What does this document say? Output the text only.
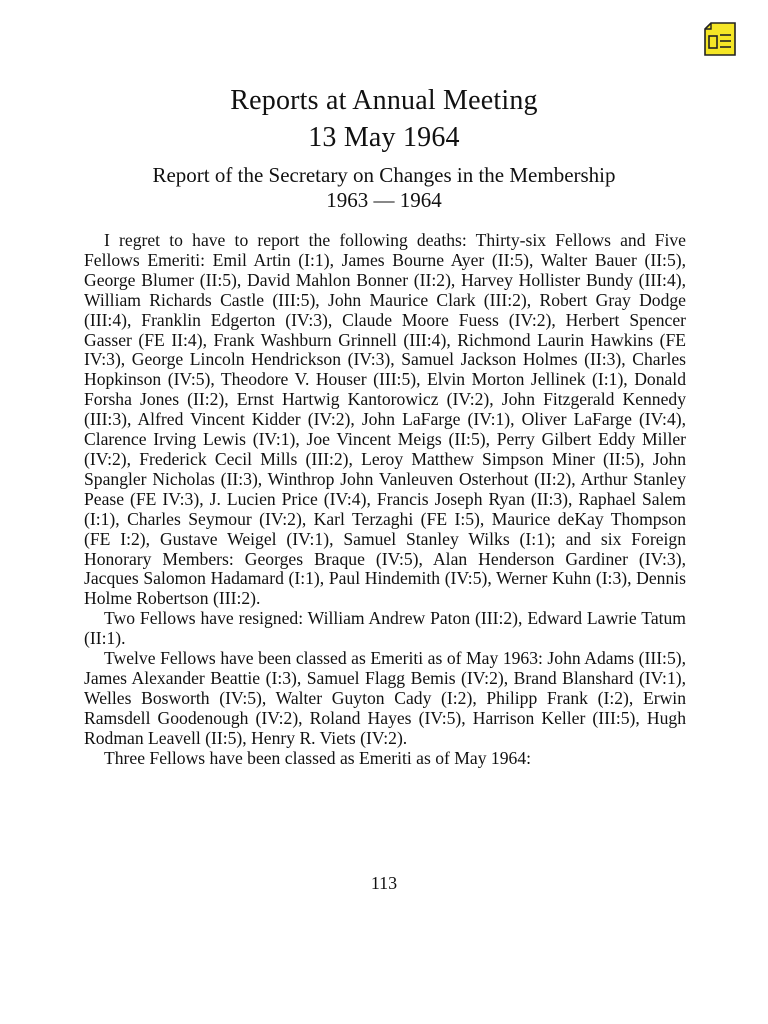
Reports at Annual Meeting
13 May 1964
Report of the Secretary on Changes in the Membership
1963 — 1964

I regret to have to report the following deaths: Thirty-six Fellows and Five Fellows Emeriti: Emil Artin (I:1), James Bourne Ayer (II:5), Walter Bauer (II:5), George Blumer (II:5), David Mahlon Bonner (II:2), Harvey Hollister Bundy (III:4), William Richards Castle (III:5), John Maurice Clark (III:2), Robert Gray Dodge (III:4), Franklin Edgerton (IV:3), Claude Moore Fuess (IV:2), Herbert Spencer Gasser (FE II:4), Frank Washburn Grinnell (III:4), Richmond Laurin Hawkins (FE IV:3), George Lincoln Hendrickson (IV:3), Samuel Jackson Holmes (II:3), Charles Hopkinson (IV:5), Theodore V. Houser (III:5), Elvin Morton Jellinek (I:1), Donald Forsha Jones (II:2), Ernst Hartwig Kantorowicz (IV:2), John Fitzgerald Kennedy (III:3), Alfred Vincent Kidder (IV:2), John LaFarge (IV:1), Oliver LaFarge (IV:4), Clarence Irving Lewis (IV:1), Joe Vincent Meigs (II:5), Perry Gilbert Eddy Miller (IV:2), Frederick Cecil Mills (III:2), Leroy Matthew Simpson Miner (II:5), John Spangler Nicholas (II:3), Winthrop John Vanleuven Osterhout (II:2), Arthur Stanley Pease (FE IV:3), J. Lucien Price (IV:4), Francis Joseph Ryan (II:3), Raphael Salem (I:1), Charles Seymour (IV:2), Karl Terzaghi (FE I:5), Maurice deKay Thompson (FE I:2), Gustave Weigel (IV:1), Samuel Stanley Wilks (I:1); and six Foreign Honorary Members: Georges Braque (IV:5), Alan Henderson Gardiner (IV:3), Jacques Salomon Hadamard (I:1), Paul Hindemith (IV:5), Werner Kuhn (I:3), Dennis Holme Robertson (III:2).

Two Fellows have resigned: William Andrew Paton (III:2), Edward Lawrie Tatum (II:1).

Twelve Fellows have been classed as Emeriti as of May 1963: John Adams (III:5), James Alexander Beattie (I:3), Samuel Flagg Bemis (IV:2), Brand Blanshard (IV:1), Welles Bosworth (IV:5), Walter Guyton Cady (I:2), Philipp Frank (I:2), Erwin Ramsdell Goodenough (IV:2), Roland Hayes (IV:5), Harrison Keller (III:5), Hugh Rodman Leavell (II:5), Henry R. Viets (IV:2).

Three Fellows have been classed as Emeriti as of May 1964:

113
